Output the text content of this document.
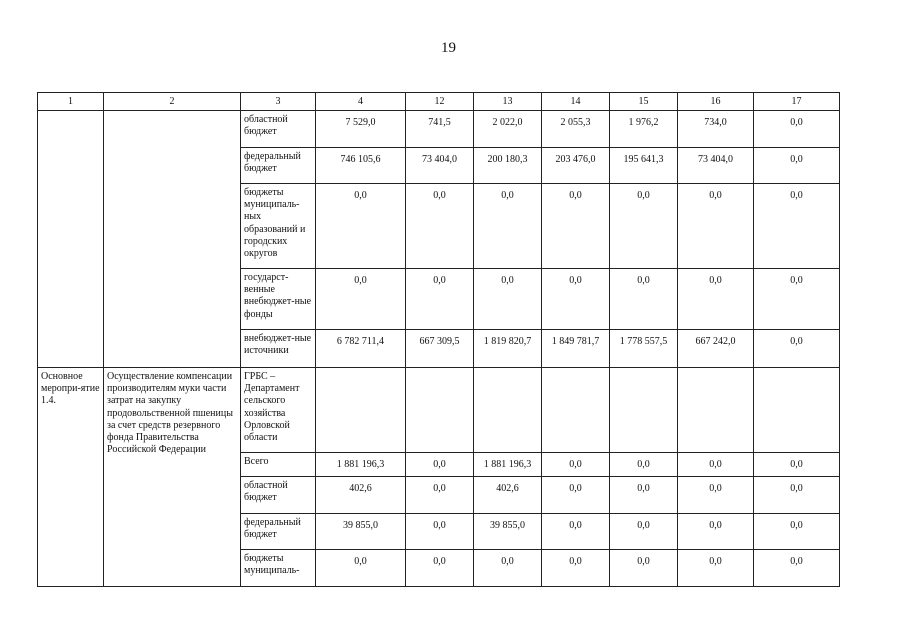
19
1	2	3	4	12	13	14	15	16	17
		областной бюджет	7 529,0	741,5	2 022,0	2 055,3	1 976,2	734,0	0,0
		федеральный бюджет	746 105,6	73 404,0	200 180,3	203 476,0	195 641,3	73 404,0	0,0
		бюджеты муниципаль-ных образований и городских округов	0,0	0,0	0,0	0,0	0,0	0,0	0,0
		государст-венные внебюджет-ные фонды	0,0	0,0	0,0	0,0	0,0	0,0	0,0
		внебюджет-ные источники	6 782 711,4	667 309,5	1 819 820,7	1 849 781,7	1 778 557,5	667 242,0	0,0
Основное меропри-ятие 1.4.	Осуществление компенсации производителям муки части затрат на закупку продовольственной пшеницы за счет средств резервного фонда Правительства Российской Федерации	ГРБС – Департамент сельского хозяйства Орловской области							
		Всего	1 881 196,3	0,0	1 881 196,3	0,0	0,0	0,0	0,0
		областной бюджет	402,6	0,0	402,6	0,0	0,0	0,0	0,0
		федеральный бюджет	39 855,0	0,0	39 855,0	0,0	0,0	0,0	0,0
		бюджеты муниципаль-	0,0	0,0	0,0	0,0	0,0	0,0	0,0
